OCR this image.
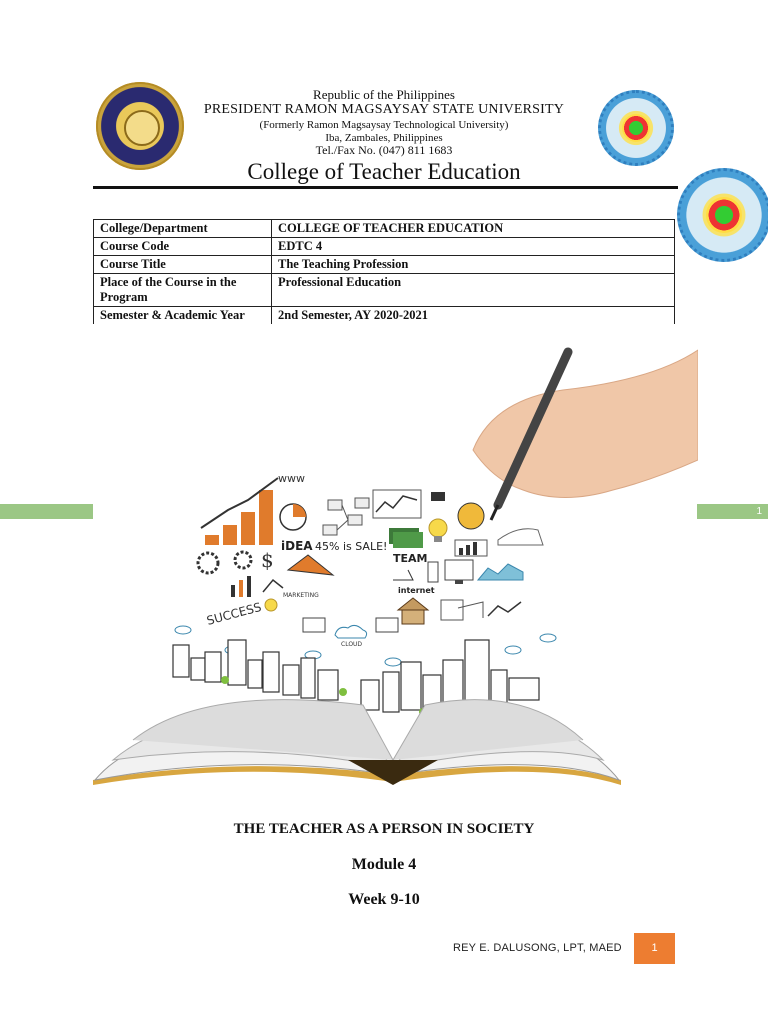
Republic of the Philippines
PRESIDENT RAMON MAGSAYSAY STATE UNIVERSITY
(Formerly Ramon Magsaysay Technological University)
Iba, Zambales, Philippines
Tel./Fax No. (047) 811 1683
College of Teacher Education
College/Department	COLLEGE OF TEACHER EDUCATION
Course Code	EDTC 4
Course Title	The Teaching Profession
Place of the Course in the Program	Professional Education
Semester & Academic Year	2nd Semester, AY 2020-2021
1
www
iDEA 45% is SALE!
$	TEAM
MARKETING
internet
SUCCESS
CLOUD
THE TEACHER AS A PERSON IN SOCIETY
Module 4
Week 9-10
REY E. DALUSONG, LPT, MAED	1
